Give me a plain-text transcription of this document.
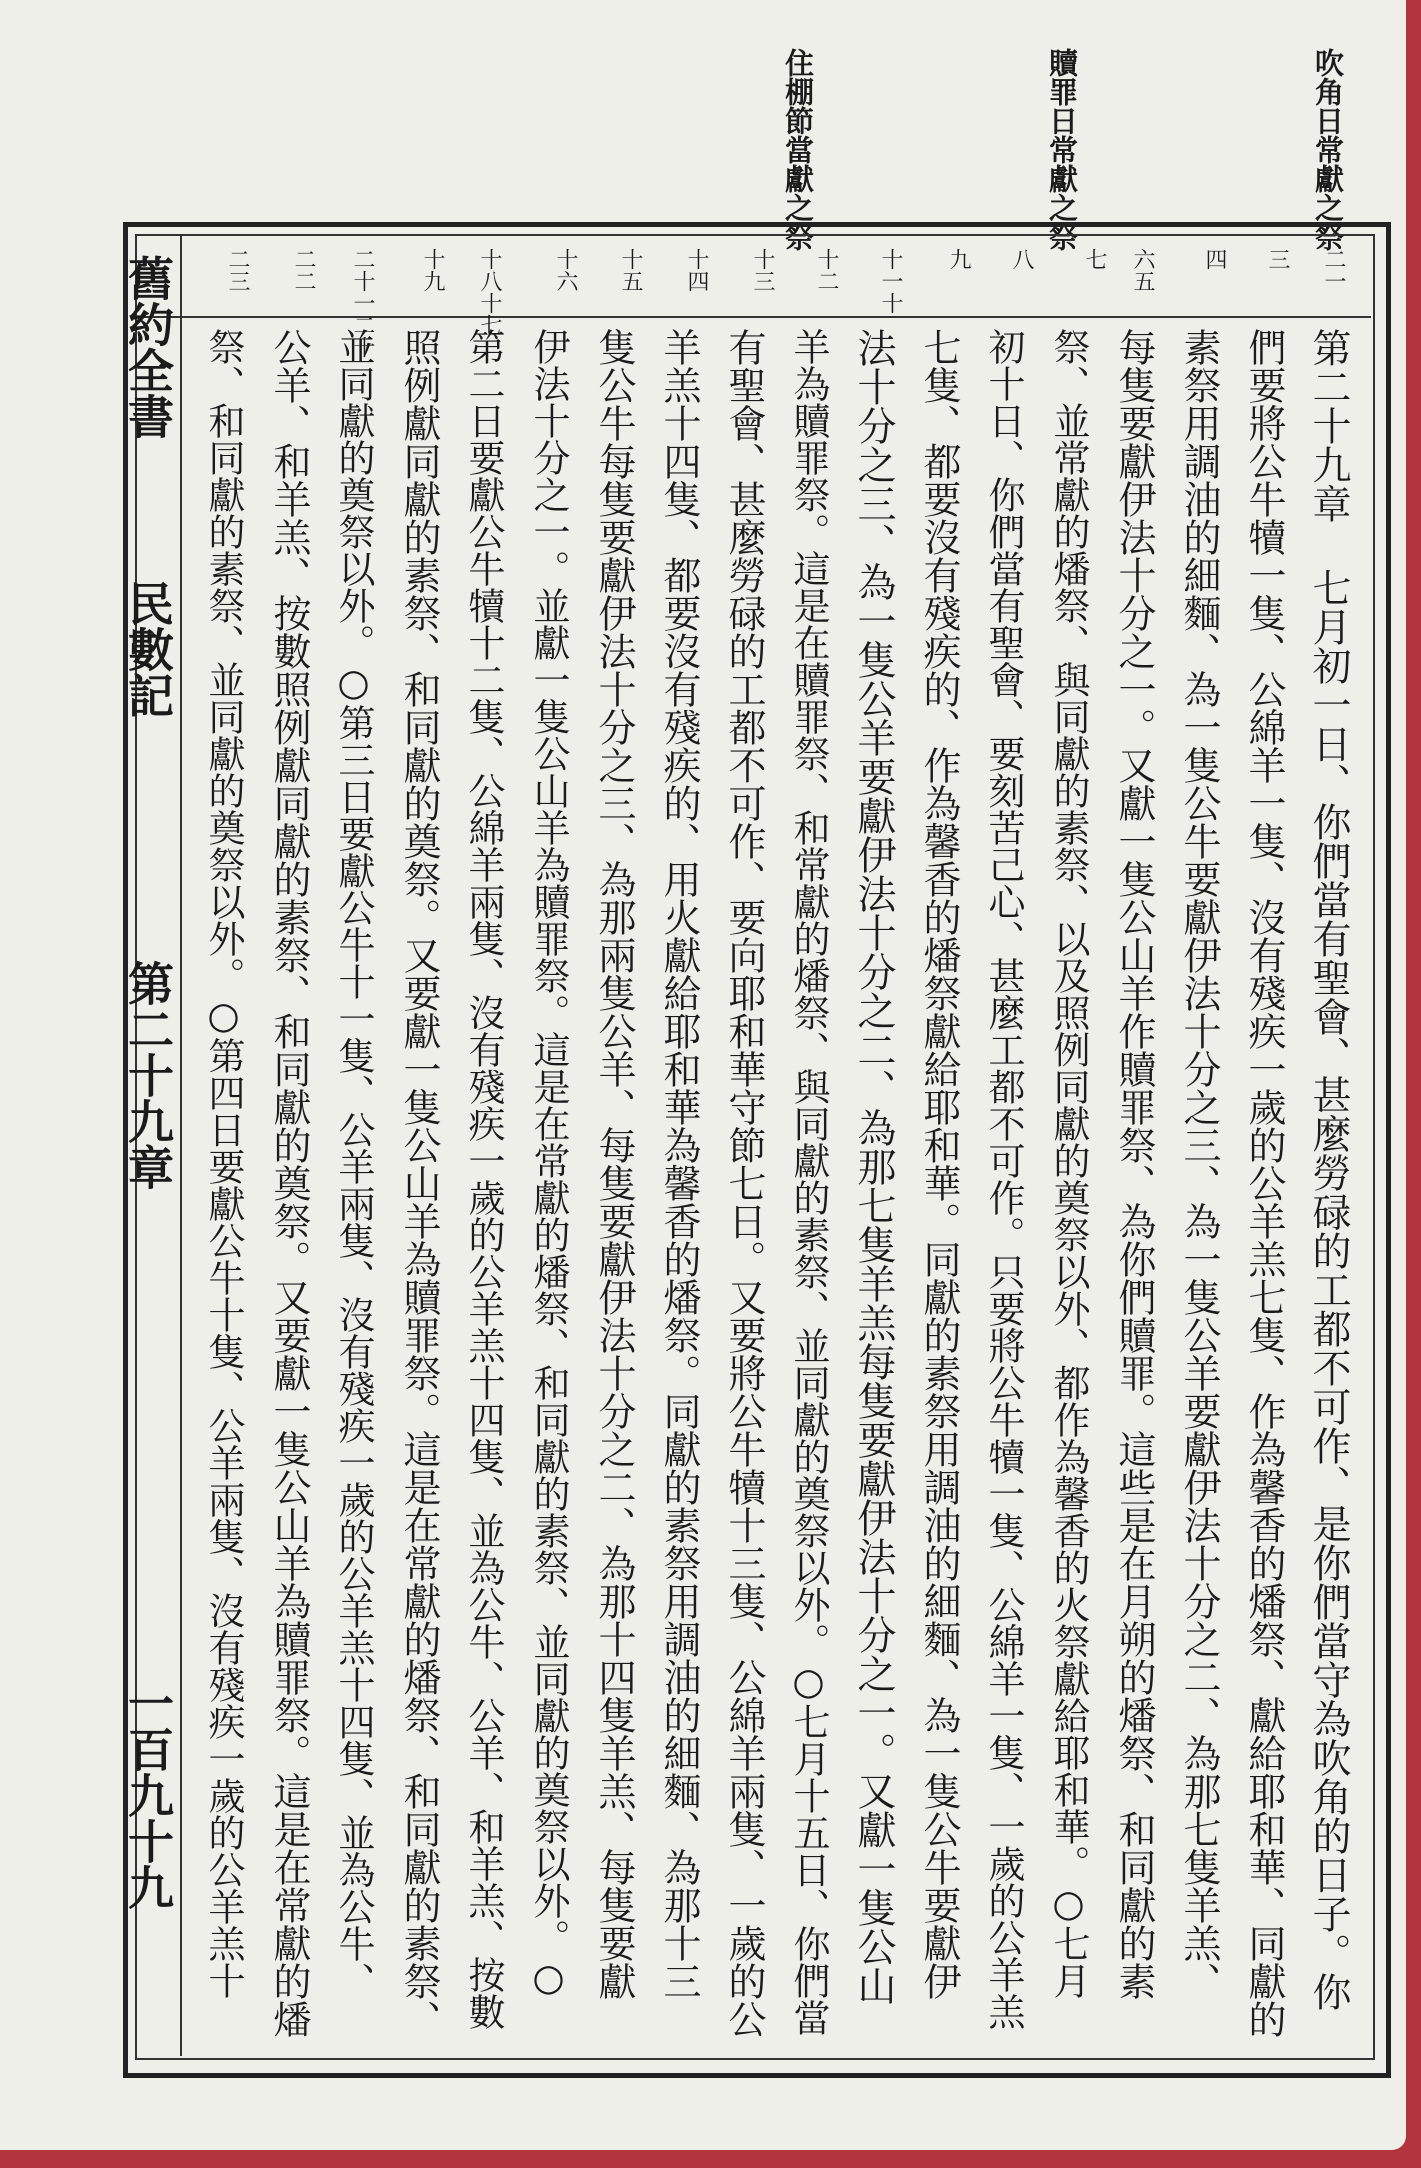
吹角日常獻之祭
贖罪日常獻之祭
住棚節當獻之祭
舊約全書
民數記
第二十九章
一百九十九
二一
三
四
六五
七
八
九
十一十
十二
十三
十四
十五
十六
十八十七
十九
二十一二十
二二
二三
第二十九章 七月初一日、你們當有聖會、甚麼勞碌的工都不可作、是你們當守為吹角的日子。你
們要將公牛犢一隻、公綿羊一隻、沒有殘疾一歲的公羊羔七隻、作為馨香的燔祭、獻給耶和華、同獻的
素祭用調油的細麵、為一隻公牛要獻伊法十分之三、為一隻公羊要獻伊法十分之二、為那七隻羊羔、
每隻要獻伊法十分之一。又獻一隻公山羊作贖罪祭、為你們贖罪。這些是在月朔的燔祭、和同獻的素
祭、並常獻的燔祭、與同獻的素祭、以及照例同獻的奠祭以外、都作為馨香的火祭獻給耶和華。○七月
初十日、你們當有聖會、要刻苦己心、甚麼工都不可作。只要將公牛犢一隻、公綿羊一隻、一歲的公羊羔
七隻、都要沒有殘疾的、作為馨香的燔祭獻給耶和華。同獻的素祭用調油的細麵、為一隻公牛要獻伊
法十分之三、為一隻公羊要獻伊法十分之二、為那七隻羊羔每隻要獻伊法十分之一。又獻一隻公山
羊為贖罪祭。這是在贖罪祭、和常獻的燔祭、與同獻的素祭、並同獻的奠祭以外。○七月十五日、你們當
有聖會、甚麼勞碌的工都不可作、要向耶和華守節七日。又要將公牛犢十三隻、公綿羊兩隻、一歲的公
羊羔十四隻、都要沒有殘疾的、用火獻給耶和華為馨香的燔祭。同獻的素祭用調油的細麵、為那十三
隻公牛每隻要獻伊法十分之三、為那兩隻公羊、每隻要獻伊法十分之二、為那十四隻羊羔、每隻要獻
伊法十分之一。並獻一隻公山羊為贖罪祭。這是在常獻的燔祭、和同獻的素祭、並同獻的奠祭以外。○
第二日要獻公牛犢十二隻、公綿羊兩隻、沒有殘疾一歲的公羊羔十四隻、並為公牛、公羊、和羊羔、按數
照例獻同獻的素祭、和同獻的奠祭。又要獻一隻公山羊為贖罪祭。這是在常獻的燔祭、和同獻的素祭、
並同獻的奠祭以外。○第三日要獻公牛十一隻、公羊兩隻、沒有殘疾一歲的公羊羔十四隻、並為公牛、
公羊、和羊羔、按數照例獻同獻的素祭、和同獻的奠祭。又要獻一隻公山羊為贖罪祭。這是在常獻的燔
祭、和同獻的素祭、並同獻的奠祭以外。○第四日要獻公牛十隻、公羊兩隻、沒有殘疾一歲的公羊羔十
